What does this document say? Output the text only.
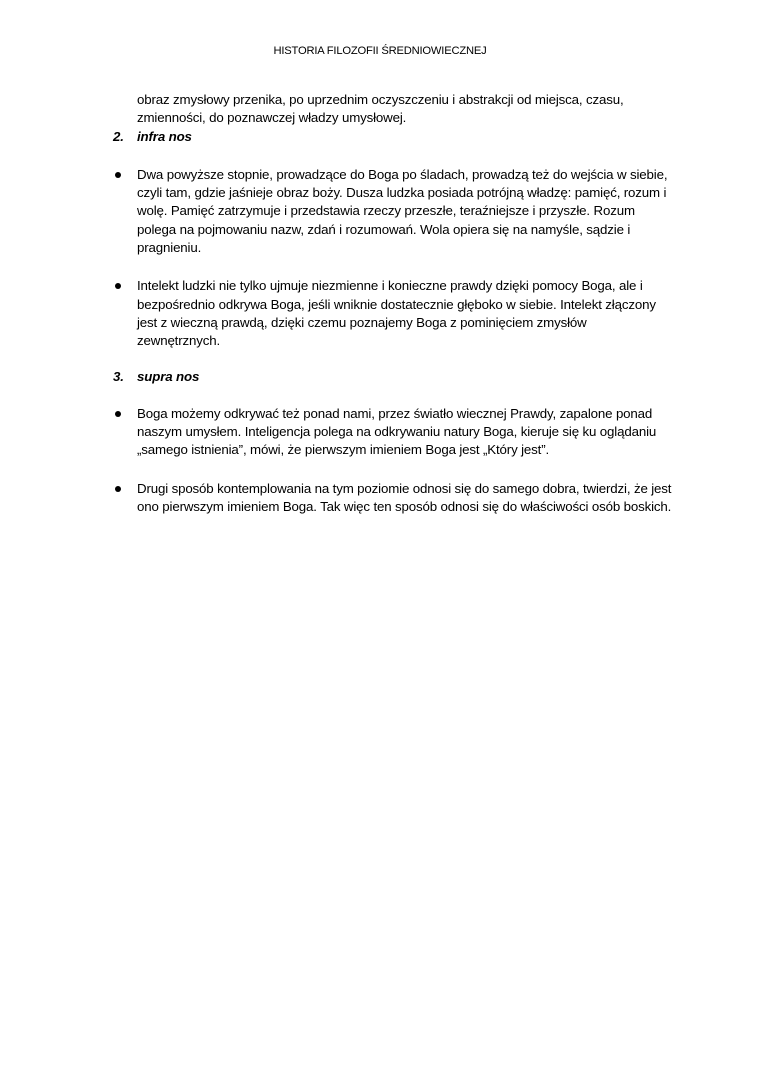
HISTORIA FILOZOFII ŚREDNIOWIECZNEJ

obraz zmysłowy przenika, po uprzednim oczyszczeniu i abstrakcji od miejsca, czasu, zmienności, do poznawczej władzy umysłowej.

2. infra nos
Dwa powyższe stopnie, prowadzące do Boga po śladach, prowadzą też do wejścia w siebie, czyli tam, gdzie jaśnieje obraz boży. Dusza ludzka posiada potrójną władzę: pamięć, rozum i wolę. Pamięć zatrzymuje i przedstawia rzeczy przeszłe, teraźniejsze i przyszłe. Rozum polega na pojmowaniu nazw, zdań i rozumowań. Wola opiera się na namyśle, sądzie i pragnieniu.
Intelekt ludzki nie tylko ujmuje niezmienne i konieczne prawdy dzięki pomocy Boga, ale i bezpośrednio odkrywa Boga, jeśli wniknie dostatecznie głęboko w siebie. Intelekt złączony jest z wieczną prawdą, dzięki czemu poznajemy Boga z pominięciem zmysłów zewnętrznych.
3. supra nos
Boga możemy odkrywać też ponad nami, przez światło wiecznej Prawdy, zapalone ponad naszym umysłem. Inteligencja polega na odkrywaniu natury Boga, kieruje się ku oglądaniu „samego istnienia”, mówi, że pierwszym imieniem Boga jest „Który jest”.
Drugi sposób kontemplowania na tym poziomie odnosi się do samego dobra, twierdzi, że jest ono pierwszym imieniem Boga. Tak więc ten sposób odnosi się do właściwości osób boskich.
